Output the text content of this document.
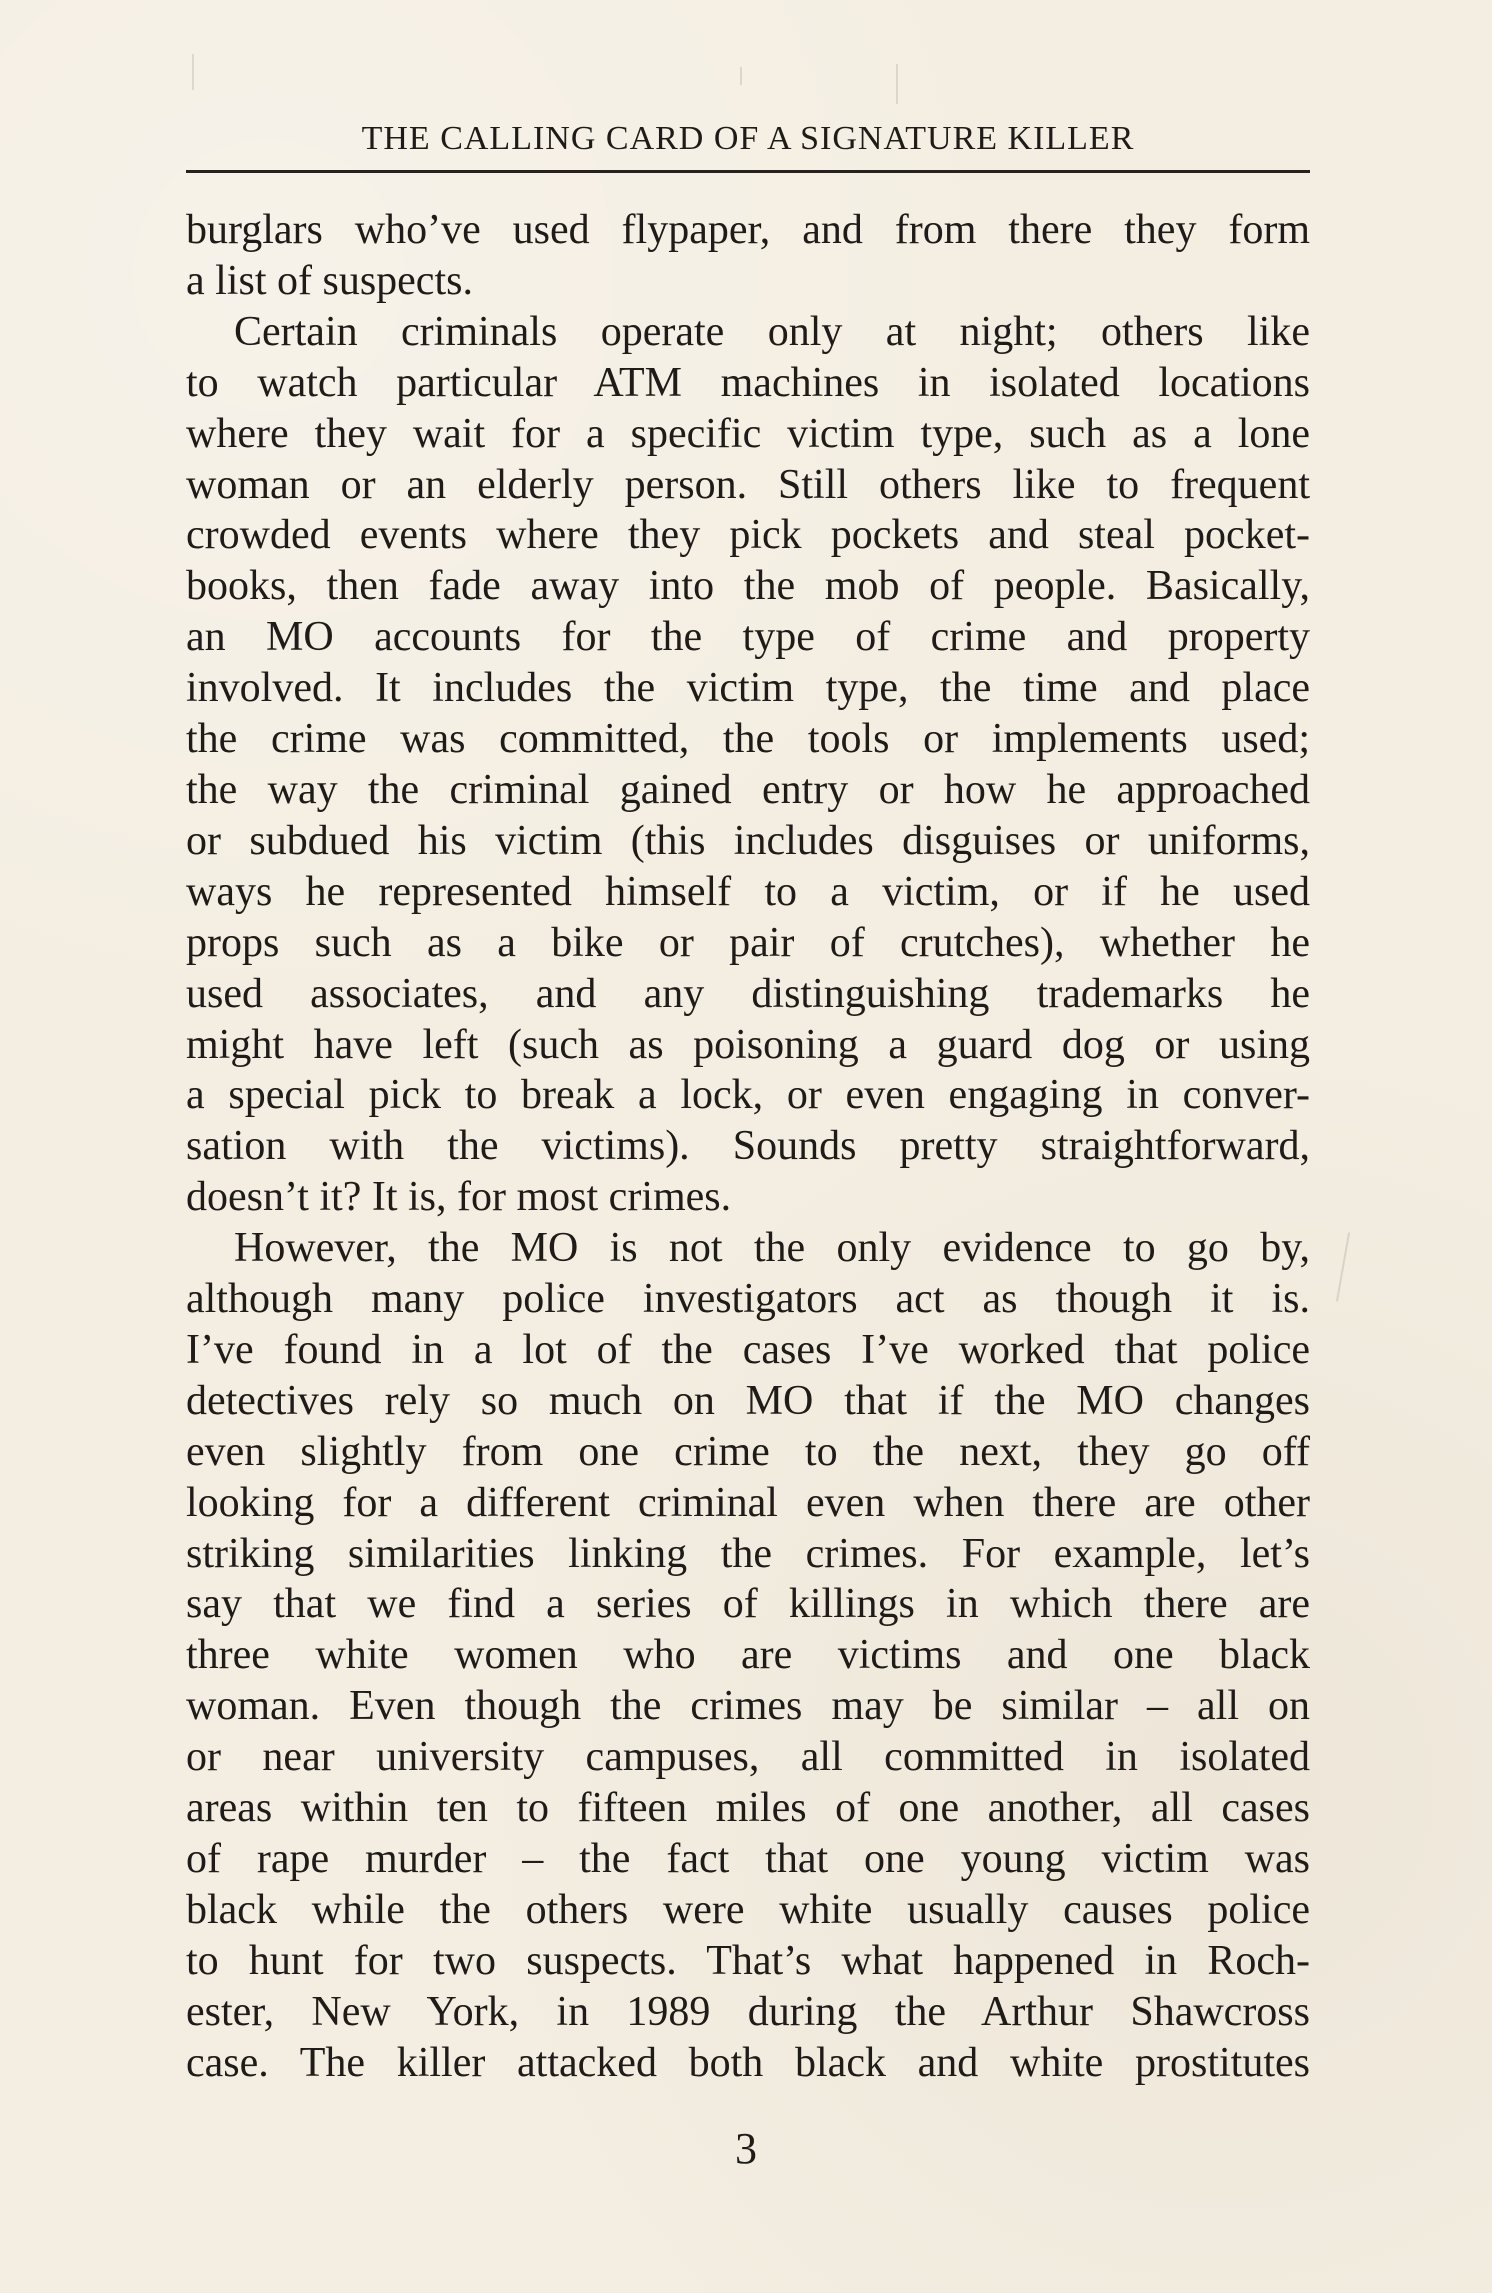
THE CALLING CARD OF A SIGNATURE KILLER
burglars who’ve used flypaper, and from there they form
a list of suspects.
Certain criminals operate only at night; others like
to watch particular ATM machines in isolated locations
where they wait for a specific victim type, such as a lone
woman or an elderly person. Still others like to frequent
crowded events where they pick pockets and steal pocket-
books, then fade away into the mob of people. Basically,
an MO accounts for the type of crime and property
involved. It includes the victim type, the time and place
the crime was committed, the tools or implements used;
the way the criminal gained entry or how he approached
or subdued his victim (this includes disguises or uniforms,
ways he represented himself to a victim, or if he used
props such as a bike or pair of crutches), whether he
used associates, and any distinguishing trademarks he
might have left (such as poisoning a guard dog or using
a special pick to break a lock, or even engaging in conver-
sation with the victims). Sounds pretty straightforward,
doesn’t it? It is, for most crimes.
However, the MO is not the only evidence to go by,
although many police investigators act as though it is.
I’ve found in a lot of the cases I’ve worked that police
detectives rely so much on MO that if the MO changes
even slightly from one crime to the next, they go off
looking for a different criminal even when there are other
striking similarities linking the crimes. For example, let’s
say that we find a series of killings in which there are
three white women who are victims and one black
woman. Even though the crimes may be similar – all on
or near university campuses, all committed in isolated
areas within ten to fifteen miles of one another, all cases
of rape murder – the fact that one young victim was
black while the others were white usually causes police
to hunt for two suspects. That’s what happened in Roch-
ester, New York, in 1989 during the Arthur Shawcross
case. The killer attacked both black and white prostitutes
3
